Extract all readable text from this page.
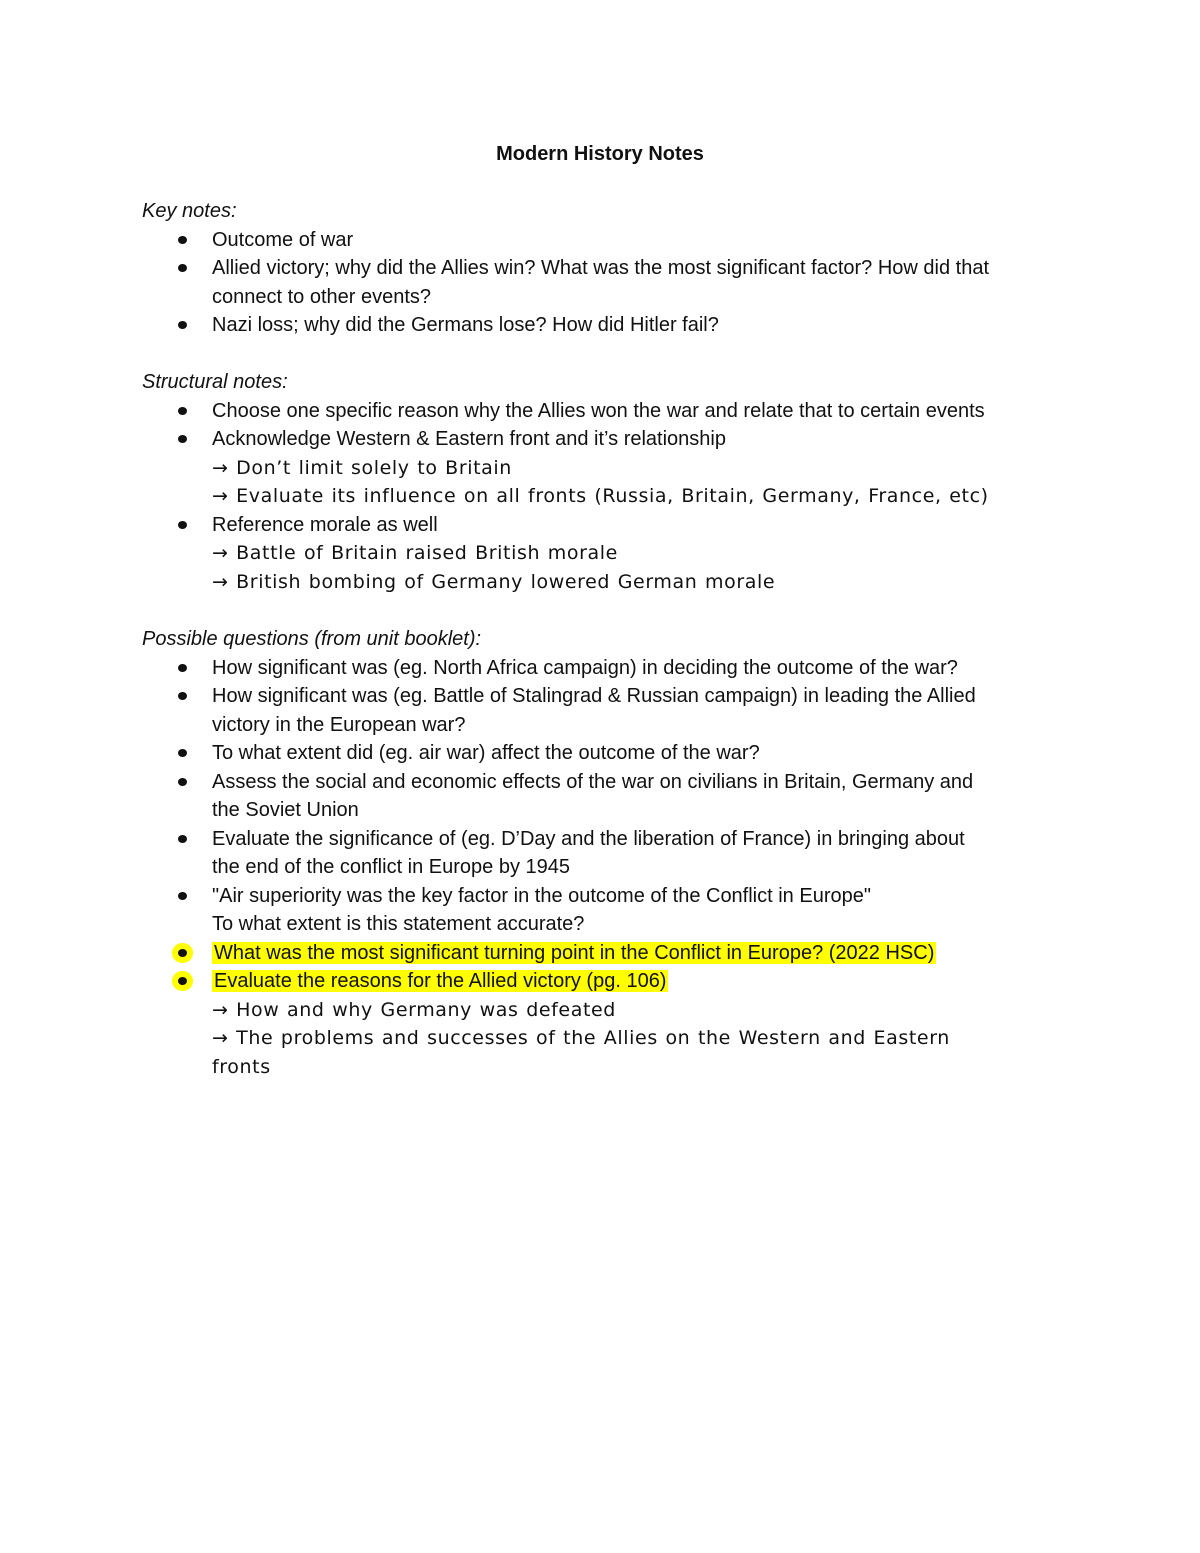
Modern History Notes
Key notes:
Outcome of war
Allied victory; why did the Allies win? What was the most significant factor? How did that
connect to other events?
Nazi loss; why did the Germans lose? How did Hitler fail?
Structural notes:
Choose one specific reason why the Allies won the war and relate that to certain events
Acknowledge Western & Eastern front and it’s relationship
→ Don’t limit solely to Britain
→ Evaluate its influence on all fronts (Russia, Britain, Germany, France, etc)
Reference morale as well
→ Battle of Britain raised British morale
→ British bombing of Germany lowered German morale
Possible questions (from unit booklet):
How significant was (eg. North Africa campaign) in deciding the outcome of the war?
How significant was (eg. Battle of Stalingrad & Russian campaign) in leading the Allied
victory in the European war?
To what extent did (eg. air war) affect the outcome of the war?
Assess the social and economic effects of the war on civilians in Britain, Germany and
the Soviet Union
Evaluate the significance of (eg. D’Day and the liberation of France) in bringing about
the end of the conflict in Europe by 1945
"Air superiority was the key factor in the outcome of the Conflict in Europe"
To what extent is this statement accurate?
What was the most significant turning point in the Conflict in Europe? (2022 HSC)
Evaluate the reasons for the Allied victory (pg. 106)
→ How and why Germany was defeated
→ The problems and successes of the Allies on the Western and Eastern
fronts
